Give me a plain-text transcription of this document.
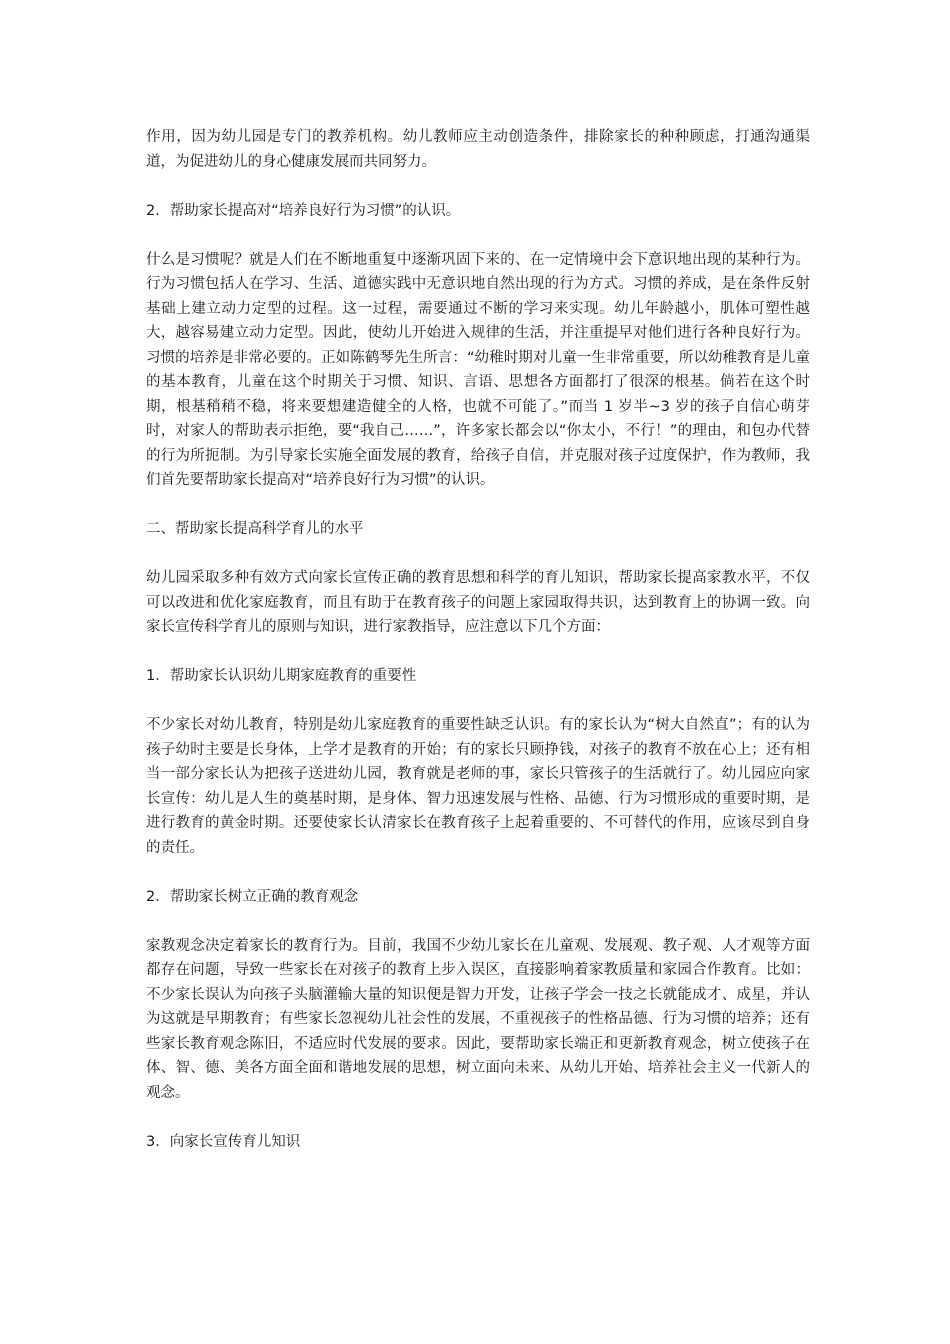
作用，因为幼儿园是专门的教养机构。幼儿教师应主动创造条件，排除家长的种种顾虑，打通沟通渠道，为促进幼儿的身心健康发展而共同努力。

2．帮助家长提高对“培养良好行为习惯”的认识。

什么是习惯呢？就是人们在不断地重复中逐渐巩固下来的、在一定情境中会下意识地出现的某种行为。行为习惯包括人在学习、生活、道德实践中无意识地自然出现的行为方式。习惯的养成，是在条件反射基础上建立动力定型的过程。这一过程，需要通过不断的学习来实现。幼儿年龄越小，肌体可塑性越大，越容易建立动力定型。因此，使幼儿开始进入规律的生活，并注重提早对他们进行各种良好行为。习惯的培养是非常必要的。正如陈鹤琴先生所言：“幼稚时期对儿童一生非常重要，所以幼稚教育是儿童的基本教育，儿童在这个时期关于习惯、知识、言语、思想各方面都打了很深的根基。倘若在这个时期，根基稍稍不稳，将来要想建造健全的人格，也就不可能了。”而当 1 岁半~3 岁的孩子自信心萌芽时，对家人的帮助表示拒绝，要“我自己……”，许多家长都会以“你太小，不行！”的理由，和包办代替的行为所扼制。为引导家长实施全面发展的教育，给孩子自信，并克服对孩子过度保护，作为教师，我们首先要帮助家长提高对“培养良好行为习惯”的认识。

二、帮助家长提高科学育儿的水平

幼儿园采取多种有效方式向家长宣传正确的教育思想和科学的育儿知识，帮助家长提高家教水平，不仅可以改进和优化家庭教育，而且有助于在教育孩子的问题上家园取得共识，达到教育上的协调一致。向家长宣传科学育儿的原则与知识，进行家教指导，应注意以下几个方面：

1．帮助家长认识幼儿期家庭教育的重要性

不少家长对幼儿教育，特别是幼儿家庭教育的重要性缺乏认识。有的家长认为“树大自然直”；有的认为孩子幼时主要是长身体，上学才是教育的开始；有的家长只顾挣钱，对孩子的教育不放在心上；还有相当一部分家长认为把孩子送进幼儿园，教育就是老师的事，家长只管孩子的生活就行了。幼儿园应向家长宣传：幼儿是人生的奠基时期，是身体、智力迅速发展与性格、品德、行为习惯形成的重要时期，是进行教育的黄金时期。还要使家长认清家长在教育孩子上起着重要的、不可替代的作用，应该尽到自身的责任。

2．帮助家长树立正确的教育观念

家教观念决定着家长的教育行为。目前，我国不少幼儿家长在儿童观、发展观、教子观、人才观等方面都存在问题，导致一些家长在对孩子的教育上步入误区，直接影响着家教质量和家园合作教育。比如：不少家长误认为向孩子头脑灌输大量的知识便是智力开发，让孩子学会一技之长就能成才、成星，并认为这就是早期教育；有些家长忽视幼儿社会性的发展，不重视孩子的性格品德、行为习惯的培养；还有些家长教育观念陈旧，不适应时代发展的要求。因此，要帮助家长端正和更新教育观念，树立使孩子在体、智、德、美各方面全面和谐地发展的思想，树立面向未来、从幼儿开始、培养社会主义一代新人的观念。

3．向家长宣传育儿知识
